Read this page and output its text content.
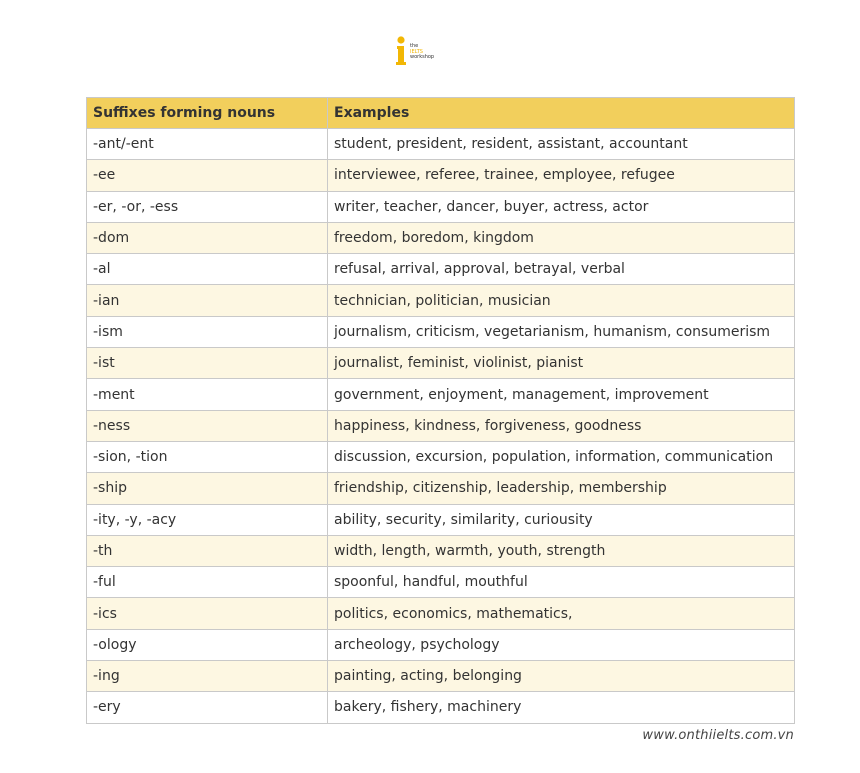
the
IELTS
workshop
Suffixes forming nouns	Examples
-ant/-ent	student, president, resident, assistant, accountant
-ee	interviewee, referee, trainee, employee, refugee
-er, -or, -ess	writer, teacher, dancer, buyer, actress, actor
-dom	freedom, boredom, kingdom
-al	refusal, arrival, approval, betrayal, verbal
-ian	technician, politician, musician
-ism	journalism, criticism, vegetarianism, humanism, consumerism
-ist	journalist, feminist, violinist, pianist
-ment	government, enjoyment, management, improvement
-ness	happiness, kindness, forgiveness, goodness
-sion, -tion	discussion, excursion, population, information, communication
-ship	friendship, citizenship, leadership, membership
-ity, -y, -acy	ability, security, similarity, curiousity
-th	width, length, warmth, youth, strength
-ful	spoonful, handful, mouthful
-ics	politics, economics, mathematics,
-ology	archeology, psychology
-ing	painting, acting, belonging
-ery	bakery, fishery, machinery
www.onthiielts.com.vn
